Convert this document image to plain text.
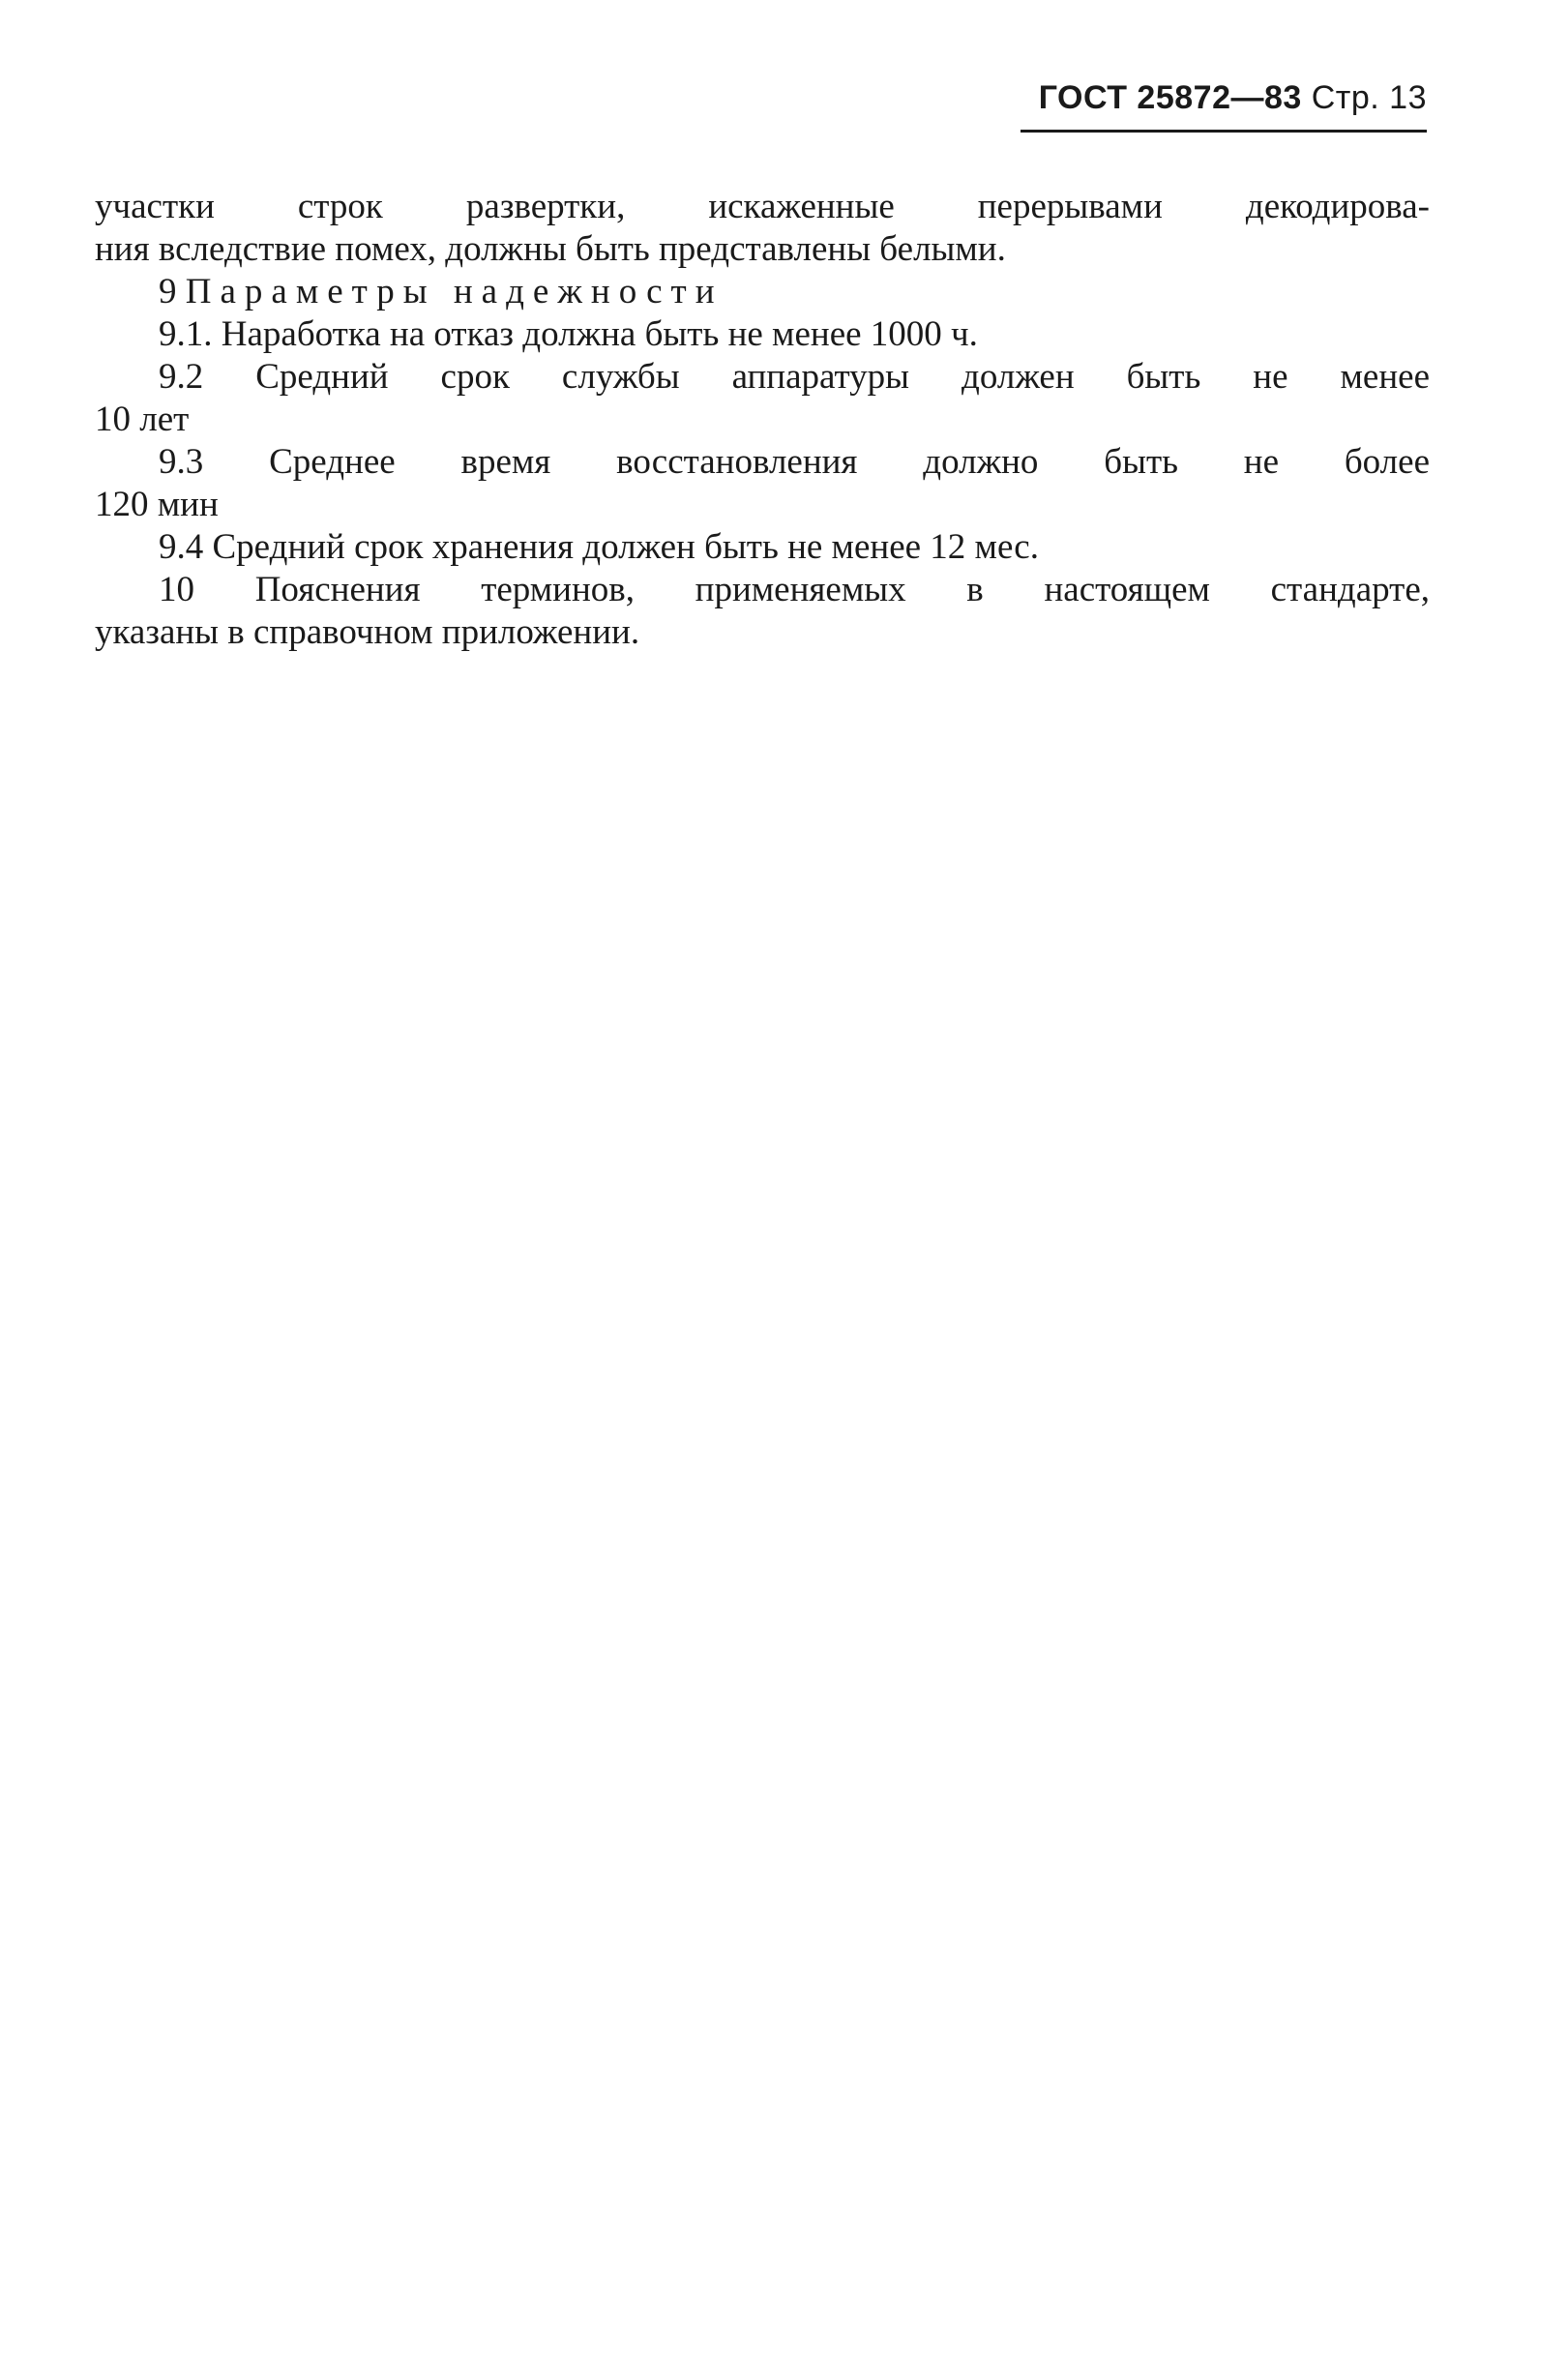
ГОСТ 25872—83 Стр. 13
участки строк развертки, искаженные перерывами декодирова-
ния вследствие помех, должны быть представлены белыми.
9 Параметры надежности
9.1. Наработка на отказ должна быть не менее 1000 ч.
9.2 Средний срок службы аппаратуры должен быть не менее
10 лет
9.3 Среднее время восстановления должно быть не более
120 мин
9.4 Средний срок хранения должен быть не менее 12 мес.
10 Пояснения терминов, применяемых в настоящем стандарте,
указаны в справочном приложении.
